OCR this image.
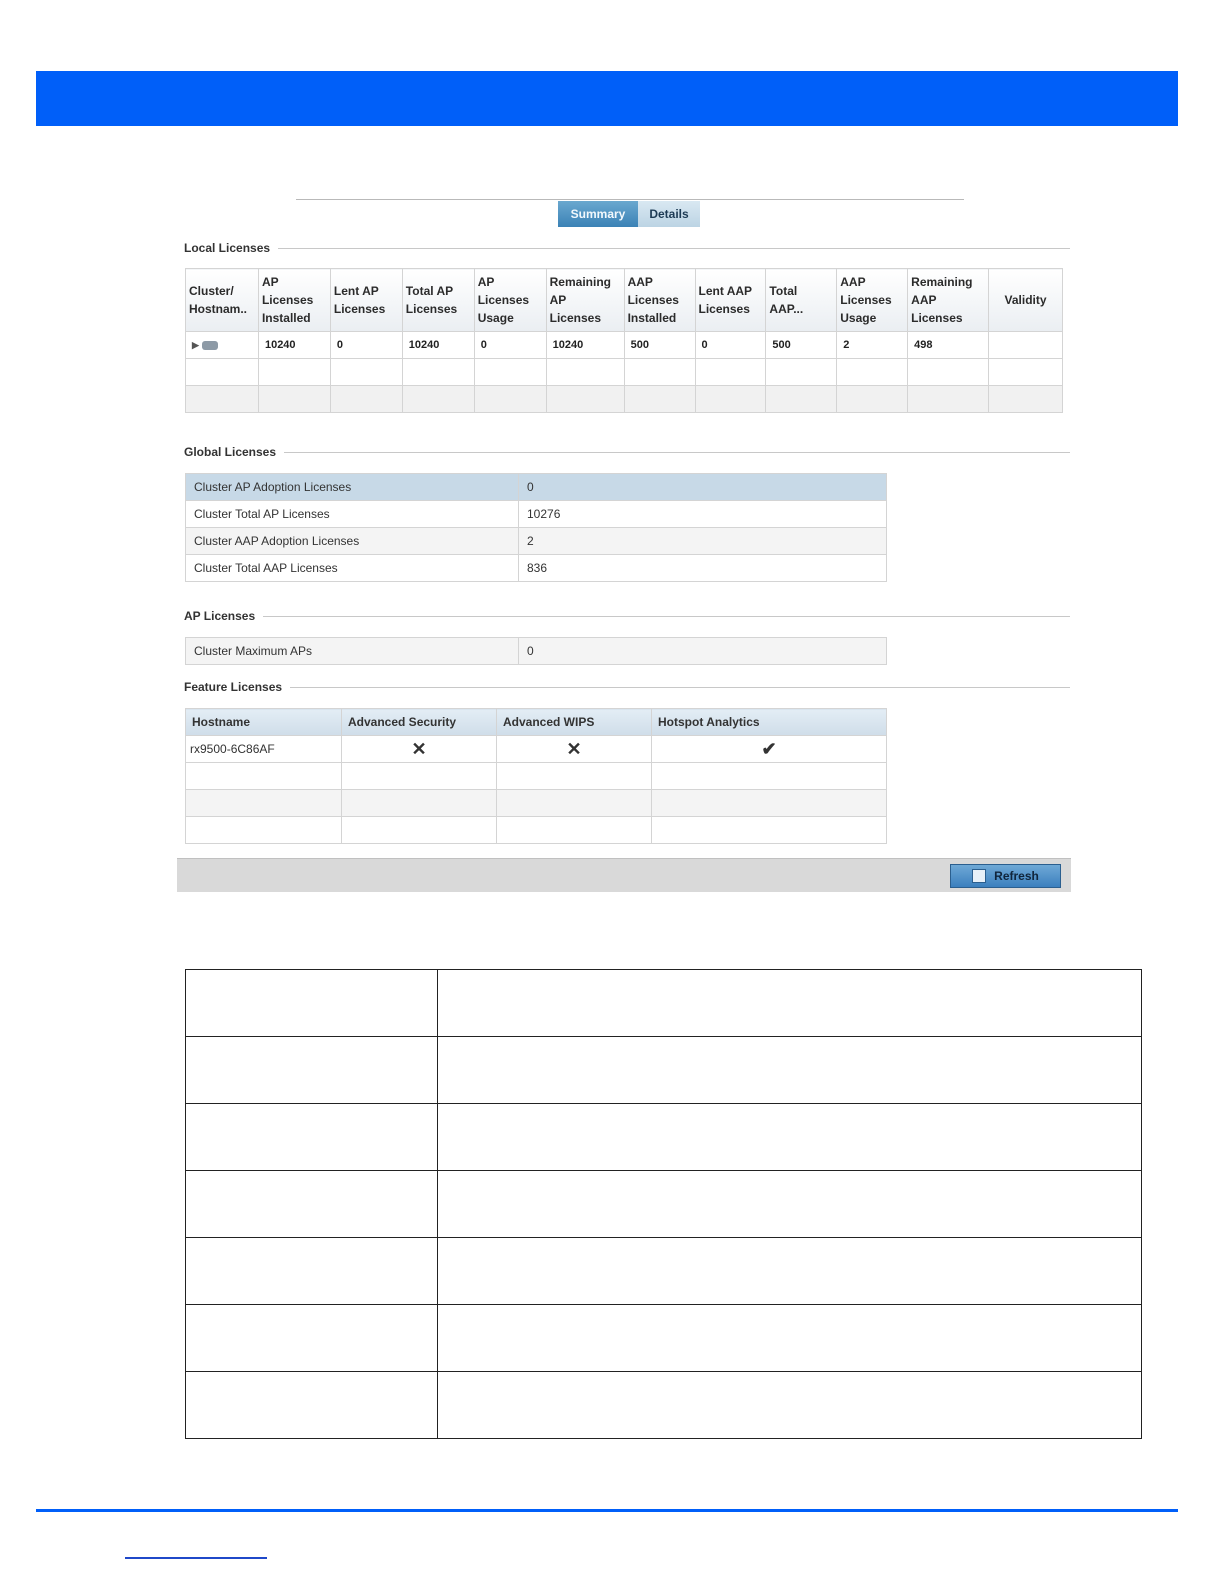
Summary	Details
Local Licenses
Cluster/ Hostnam..	AP Licenses Installed	Lent AP Licenses	Total AP Licenses	AP Licenses Usage	Remaining AP Licenses	AAP Licenses Installed	Lent AAP Licenses	Total AAP...	AAP Licenses Usage	Remaining AAP Licenses	Validity
▶	10240	0	10240	0	10240	500	0	500	2	498	

Global Licenses
Cluster AP Adoption Licenses	0
Cluster Total AP Licenses	10276
Cluster AAP Adoption Licenses	2
Cluster Total AAP Licenses	836
AP Licenses
Cluster Maximum APs	0
Feature Licenses
Hostname	Advanced Security	Advanced WIPS	Hotspot Analytics
rx9500-6C86AF	✕	✕	✔

Refresh
